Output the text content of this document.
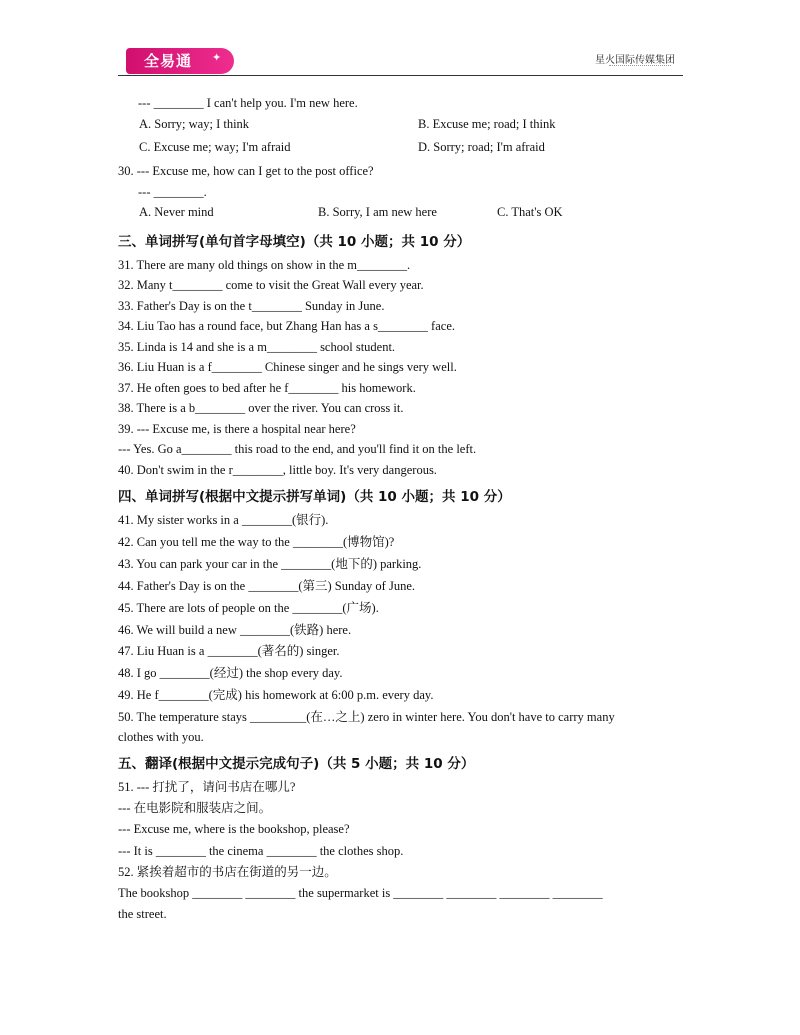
全易通 ✦	星火国际传媒集团
--- ________ I can't help you. I'm new here.
A. Sorry; way; I think	B. Excuse me; road; I think
C. Excuse me; way; I'm afraid	D. Sorry; road; I'm afraid
30. --- Excuse me, how can I get to the post office?
--- ________.
A. Never mind	B. Sorry, I am new here	C. That's OK
三、单词拼写(单句首字母填空)（共 10 小题；共 10 分）
31. There are many old things on show in the m________.
32. Many t________ come to visit the Great Wall every year.
33. Father's Day is on the t________ Sunday in June.
34. Liu Tao has a round face, but Zhang Han has a s________ face.
35. Linda is 14 and she is a m________ school student.
36. Liu Huan is a f________ Chinese singer and he sings very well.
37. He often goes to bed after he f________ his homework.
38. There is a b________ over the river. You can cross it.
39. --- Excuse me, is there a hospital near here?
--- Yes. Go a________ this road to the end, and you'll find it on the left.
40. Don't swim in the r________, little boy. It's very dangerous.
四、单词拼写(根据中文提示拼写单词)（共 10 小题；共 10 分）
41. My sister works in a ________(银行).
42. Can you tell me the way to the ________(博物馆)?
43. You can park your car in the ________(地下的) parking.
44. Father's Day is on the ________(第三) Sunday of June.
45. There are lots of people on the ________(广场).
46. We will build a new ________(铁路) here.
47. Liu Huan is a ________(著名的) singer.
48. I go ________(经过) the shop every day.
49. He f________(完成) his homework at 6:00 p.m. every day.
50. The temperature stays _________(在…之上) zero in winter here. You don't have to carry many
clothes with you.
五、翻译(根据中文提示完成句子)（共 5 小题；共 10 分）
51. --- 打扰了，请问书店在哪儿?
--- 在电影院和服装店之间。
--- Excuse me, where is the bookshop, please?
--- It is ________ the cinema ________ the clothes shop.
52. 紧挨着超市的书店在街道的另一边。
The bookshop ________ ________ the supermarket is ________ ________ ________ ________
the street.
